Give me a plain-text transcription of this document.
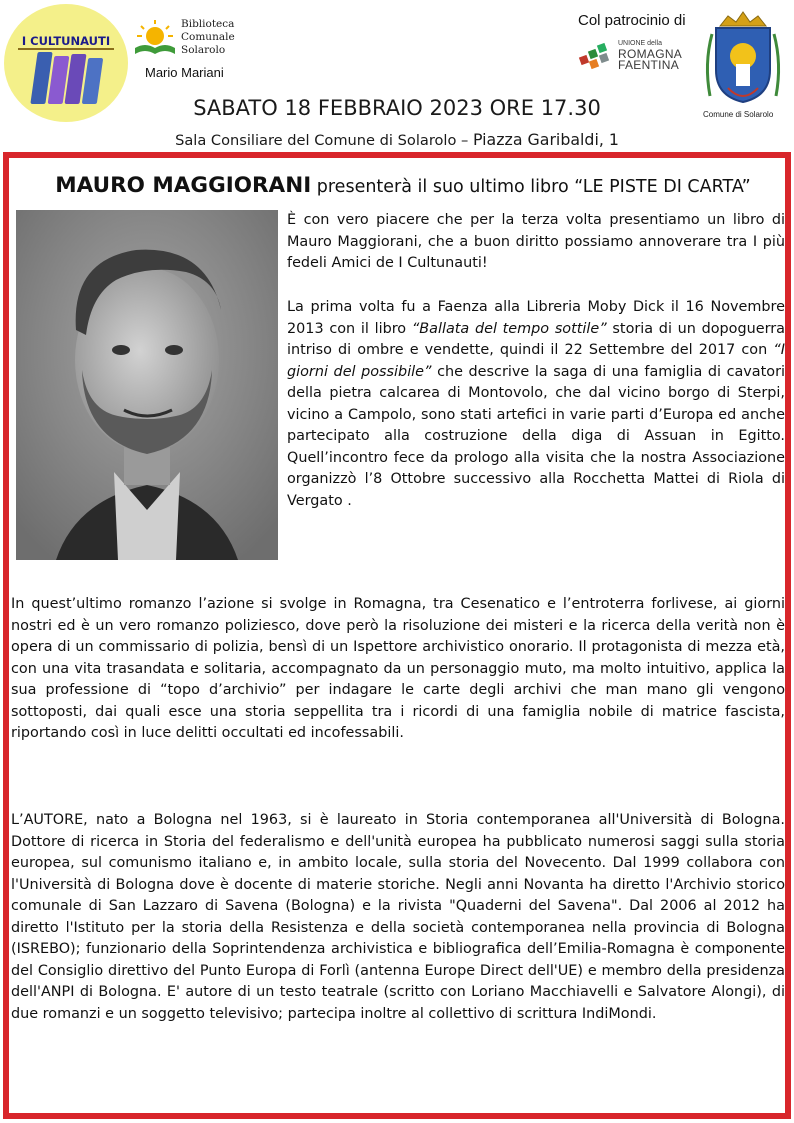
I CULTUNAUTI
Biblioteca
Comunale
Solarolo
Mario Mariani
Col patrocinio di
UNIONE della
ROMAGNA
FAENTINA
Comune di Solarolo
SABATO 18 FEBBRAIO 2023 ORE 17.30
Sala Consiliare del Comune di Solarolo – Piazza Garibaldi, 1
MAURO MAGGIORANI presenterà il suo ultimo libro “LE PISTE DI CARTA”
È con vero piacere che per la terza volta presentiamo un libro di Mauro Maggiorani, che a buon diritto possiamo annoverare tra I più fedeli Amici de I Cultunauti!
La prima volta fu a Faenza alla Libreria Moby Dick il 16 Novembre 2013 con il libro “Ballata del tempo sottile” storia di un dopoguerra intriso di ombre e vendette, quindi il 22 Settembre del 2017 con “I giorni del possibile” che descrive la saga di una famiglia di cavatori della pietra calcarea di Montovolo, che dal vicino borgo di Sterpi, vicino a Campolo, sono stati artefici in varie parti d’Europa ed anche partecipato alla costruzione della diga di Assuan in Egitto. Quell’incontro fece da prologo alla visita che la nostra Associazione organizzò l’8 Ottobre successivo alla Rocchetta Mattei di Riola di Vergato .
In quest’ultimo romanzo l’azione si svolge in Romagna, tra Cesenatico e l’entroterra forlivese, ai giorni nostri ed è un vero romanzo poliziesco, dove però la risoluzione dei misteri e la ricerca della verità non è opera di un commissario di polizia, bensì di un Ispettore archivistico onorario. Il protagonista di mezza età, con una vita trasandata e solitaria, accompagnato da un personaggio muto, ma molto intuitivo, applica la sua professione di “topo d’archivio” per indagare le carte degli archivi che man mano gli vengono sottoposti, dai quali esce una storia seppellita tra i ricordi di una famiglia nobile di matrice fascista, riportando così in luce delitti occultati ed incofessabili.
L’AUTORE, nato a Bologna nel 1963, si è laureato in Storia contemporanea all'Università di Bologna. Dottore di ricerca in Storia del federalismo e dell'unità europea ha pubblicato numerosi saggi sulla storia europea, sul comunismo italiano e, in ambito locale, sulla storia del Novecento. Dal 1999 collabora con l'Università di Bologna dove è docente di materie storiche. Negli anni Novanta ha diretto l'Archivio storico comunale di San Lazzaro di Savena (Bologna) e la rivista "Quaderni del Savena". Dal 2006 al 2012 ha diretto l'Istituto per la storia della Resistenza e della società contemporanea nella provincia di Bologna (ISREBO); funzionario della Soprintendenza archivistica e bibliografica dell’Emilia-Romagna è componente del Consiglio direttivo del Punto Europa di Forlì (antenna Europe Direct dell'UE) e membro della presidenza dell'ANPI di Bologna. E' autore di un testo teatrale (scritto con Loriano Macchiavelli e Salvatore Alongi), di due romanzi e un soggetto televisivo; partecipa inoltre al collettivo di scrittura IndiMondi.
